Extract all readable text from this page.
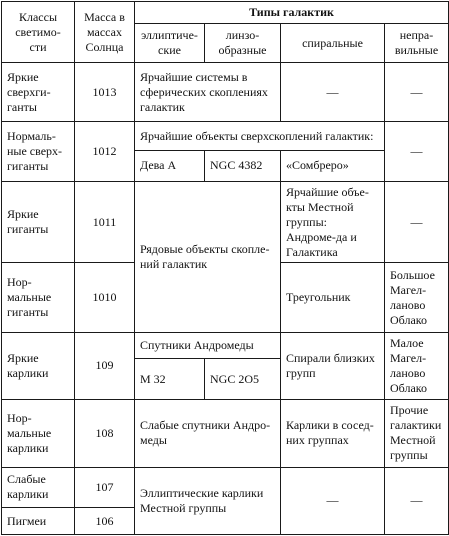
Классы светимо-сти	Масса в массах Солнца	Типы галактик			
		эллиптиче-ские	линзо-образные	спиральные	непра-вильные
Яркие сверхги-ганты	1013	Ярчайшие системы в сферических скоплениях галактик		—	—
Нормаль-ные сверх-гиганты	1012	Ярчайшие объекты сверхскоплений галактик:			—
		Дева А	NGC 4382	«Сомбреро»	
Яркие гиганты	1011	Рядовые объекты скопле-ний галактик		Ярчайшие объе-кты Местной группы: Андроме-да и Галактика	—
Нор-мальные гиганты	1010			Треугольник	Большое Магел-ланово Облако
Яркие карлики	109	Спутники Андромеды		Спирали близких групп	Малое Магел-ланово Облако
		М 32	NGC 2O5		
Нор-мальные карлики	108	Слабые спутники Андро-меды		Карлики в сосед-них группах	Прочие галактики Местной группы
Слабые карлики	107	Эллиптические карлики Местной группы		—	—
Пигмеи	106				
